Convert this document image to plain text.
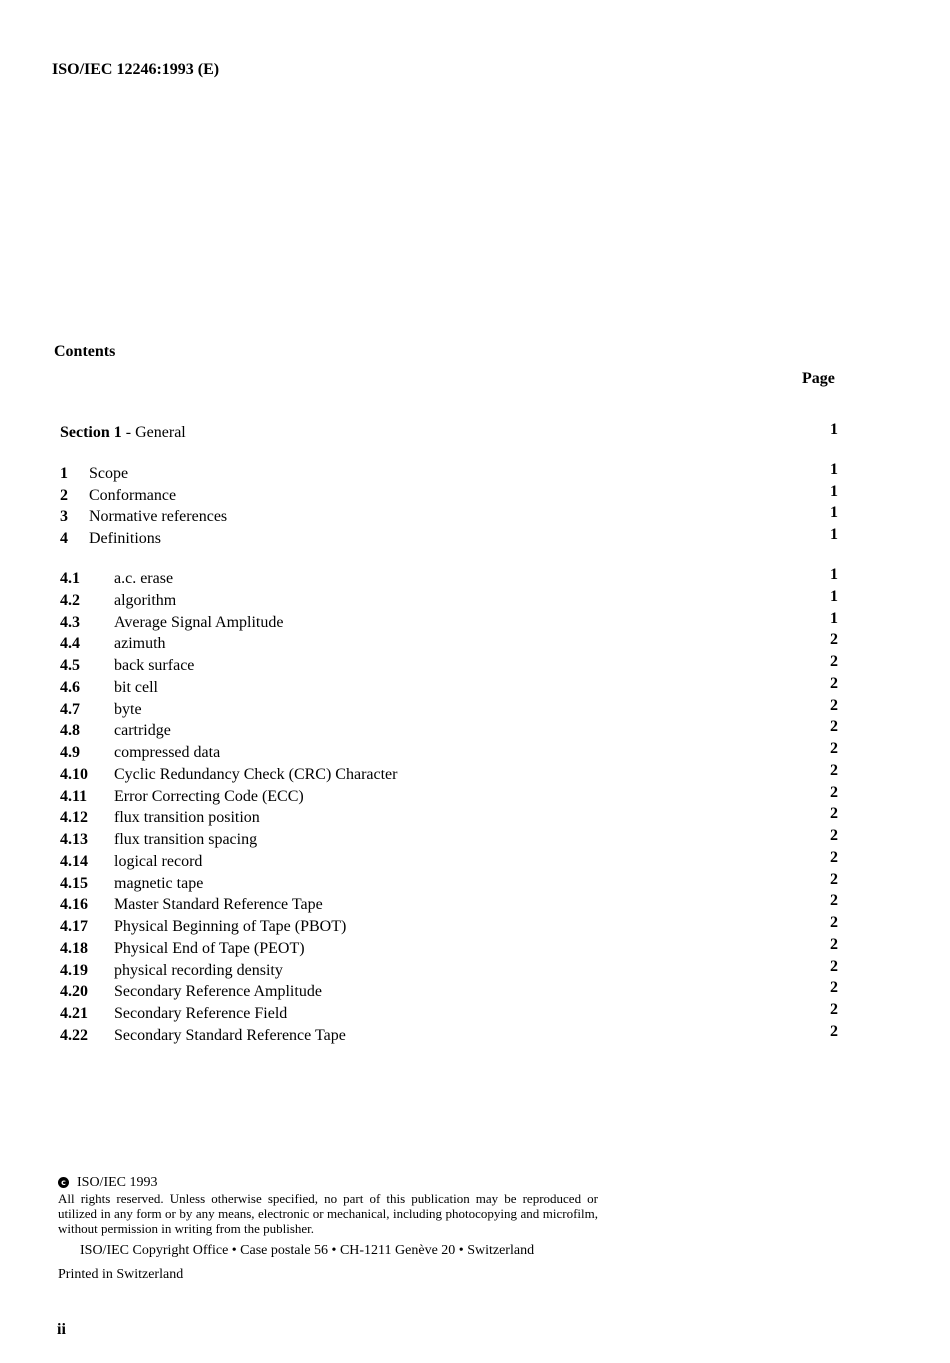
ISO/IEC 12246:1993 (E)
Contents
Page
Section 1 - General	1
1 Scope	1
2 Conformance	1
3 Normative references	1
4 Definitions	1
4.1 a.c. erase	1
4.2 algorithm	1
4.3 Average Signal Amplitude	1
4.4 azimuth	2
4.5 back surface	2
4.6 bit cell	2
4.7 byte	2
4.8 cartridge	2
4.9 compressed data	2
4.10 Cyclic Redundancy Check (CRC) Character	2
4.11 Error Correcting Code (ECC)	2
4.12 flux transition position	2
4.13 flux transition spacing	2
4.14 logical record	2
4.15 magnetic tape	2
4.16 Master Standard Reference Tape	2
4.17 Physical Beginning of Tape (PBOT)	2
4.18 Physical End of Tape (PEOT)	2
4.19 physical recording density	2
4.20 Secondary Reference Amplitude	2
4.21 Secondary Reference Field	2
4.22 Secondary Standard Reference Tape	2
c ISO/IEC 1993
All rights reserved. Unless otherwise specified, no part of this publication may be reproduced or utilized in any form or by any means, electronic or mechanical, including photocopying and microfilm, without permission in writing from the publisher.
ISO/IEC Copyright Office • Case postale 56 • CH-1211 Genève 20 • Switzerland
Printed in Switzerland
ii
